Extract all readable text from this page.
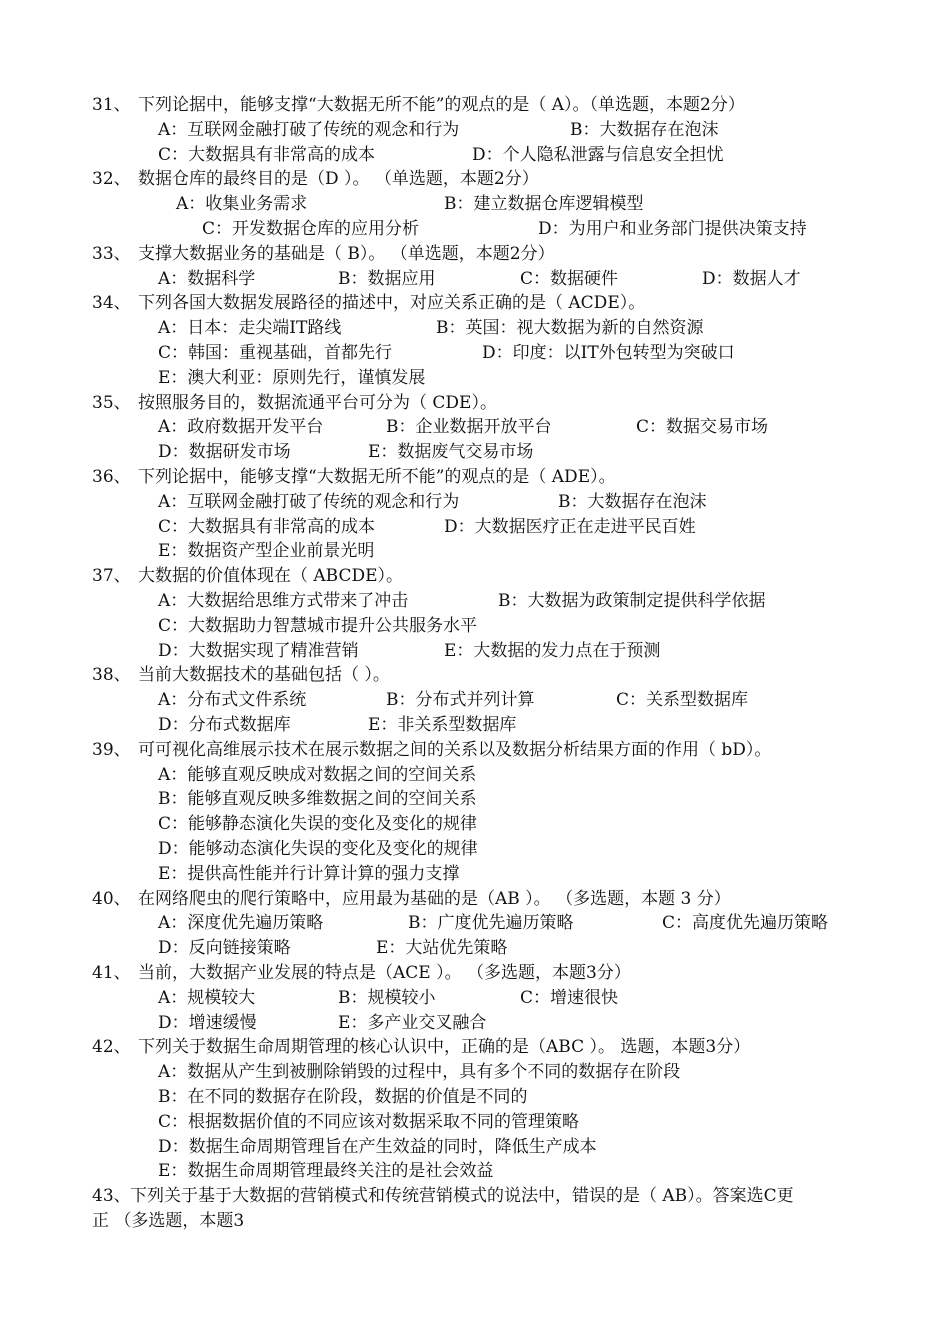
31、 下列论据中，能够支撑“大数据无所不能”的观点的是（ A）。（单选题，本题2分）
A：互联网金融打破了传统的观念和行为	B：大数据存在泡沫
C：大数据具有非常高的成本	D：个人隐私泄露与信息安全担忧
32、 数据仓库的最终目的是（D ）。 （单选题，本题2分）
A：收集业务需求	B：建立数据仓库逻辑模型
C：开发数据仓库的应用分析	D：为用户和业务部门提供决策支持
33、 支撑大数据业务的基础是（ B）。 （单选题，本题2分）
A：数据科学	B：数据应用	C：数据硬件	D：数据人才
34、 下列各国大数据发展路径的描述中，对应关系正确的是（ ACDE）。
A：日本：走尖端IT路线	B：英国：视大数据为新的自然资源
C：韩国：重视基础，首都先行	D：印度：以IT外包转型为突破口
E：澳大利亚：原则先行，谨慎发展
35、 按照服务目的，数据流通平台可分为（ CDE）。
A：政府数据开发平台	B：企业数据开放平台	C：数据交易市场
D：数据研发市场	E：数据废气交易市场
36、 下列论据中，能够支撑“大数据无所不能”的观点的是（ ADE）。
A：互联网金融打破了传统的观念和行为	B：大数据存在泡沫
C：大数据具有非常高的成本	D：大数据医疗正在走进平民百姓
E：数据资产型企业前景光明
37、 大数据的价值体现在（ ABCDE）。
A：大数据给思维方式带来了冲击	B：大数据为政策制定提供科学依据
C：大数据助力智慧城市提升公共服务水平
D：大数据实现了精准营销	E：大数据的发力点在于预测
38、 当前大数据技术的基础包括（ ）。
A：分布式文件系统	B：分布式并列计算	C：关系型数据库
D：分布式数据库	E：非关系型数据库
39、 可可视化高维展示技术在展示数据之间的关系以及数据分析结果方面的作用（ bD）。
A：能够直观反映成对数据之间的空间关系
B：能够直观反映多维数据之间的空间关系
C：能够静态演化失误的变化及变化的规律
D：能够动态演化失误的变化及变化的规律
E：提供高性能并行计算计算的强力支撑
40、 在网络爬虫的爬行策略中，应用最为基础的是（AB ）。 （多选题，本题 3 分）
A：深度优先遍历策略	B：广度优先遍历策略	C：高度优先遍历策略
D：反向链接策略	E：大站优先策略
41、 当前，大数据产业发展的特点是（ACE ）。 （多选题，本题3分）
A：规模较大	B：规模较小	C：增速很快
D：增速缓慢	E：多产业交叉融合
42、 下列关于数据生命周期管理的核心认识中，正确的是（ABC ）。 选题，本题3分）
A：数据从产生到被删除销毁的过程中，具有多个不同的数据存在阶段
B：在不同的数据存在阶段，数据的价值是不同的
C：根据数据价值的不同应该对数据采取不同的管理策略
D：数据生命周期管理旨在产生效益的同时，降低生产成本
E：数据生命周期管理最终关注的是社会效益
43、 下列关于基于大数据的营销模式和传统营销模式的说法中，错误的是（ AB）。答案选C更
正 （多选题，本题3
